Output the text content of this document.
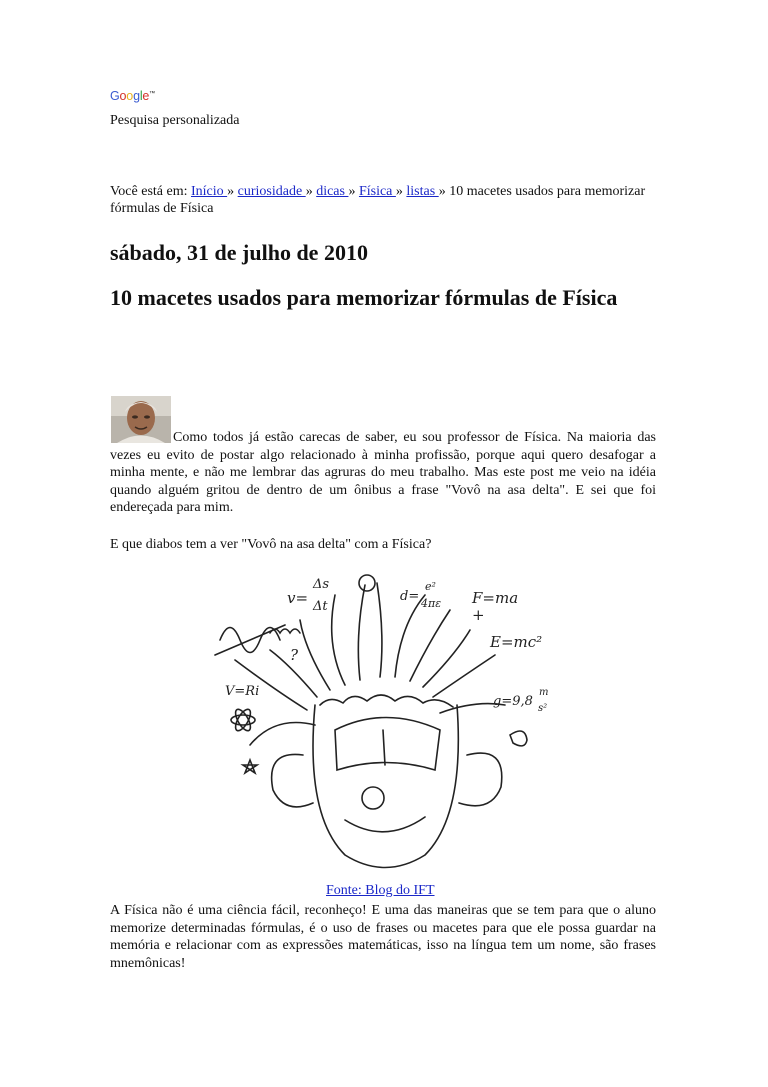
Google™
Pesquisa personalizada
Você está em: Início » curiosidade » dicas » Física » listas » 10 macetes usados para memorizar fórmulas de Física
sábado, 31 de julho de 2010
10 macetes usados para memorizar fórmulas de Física
Como todos já estão carecas de saber, eu sou professor de Física. Na maioria das vezes eu evito de postar algo relacionado à minha profissão, porque aqui quero desafogar a minha mente, e não me lembrar das agruras do meu trabalho. Mas este post me veio na idéia quando alguém gritou de dentro de um ônibus a frase "Vovô na asa delta". E sei que foi endereçada para mim.
E que diabos tem a ver "Vovô na asa delta" com a Física?
v=
Δs
Δt
d=
e²
4πε F=ma
E=mc²
g=9,8
m
s²
V=Ri
?
+
Fonte: Blog do IFT
A Física não é uma ciência fácil, reconheço! E uma das maneiras que se tem para que o aluno memorize determinadas fórmulas, é o uso de frases ou macetes para que ele possa guardar na memória e relacionar com as expressões matemáticas, isso na língua tem um nome, são frases mnemônicas!
